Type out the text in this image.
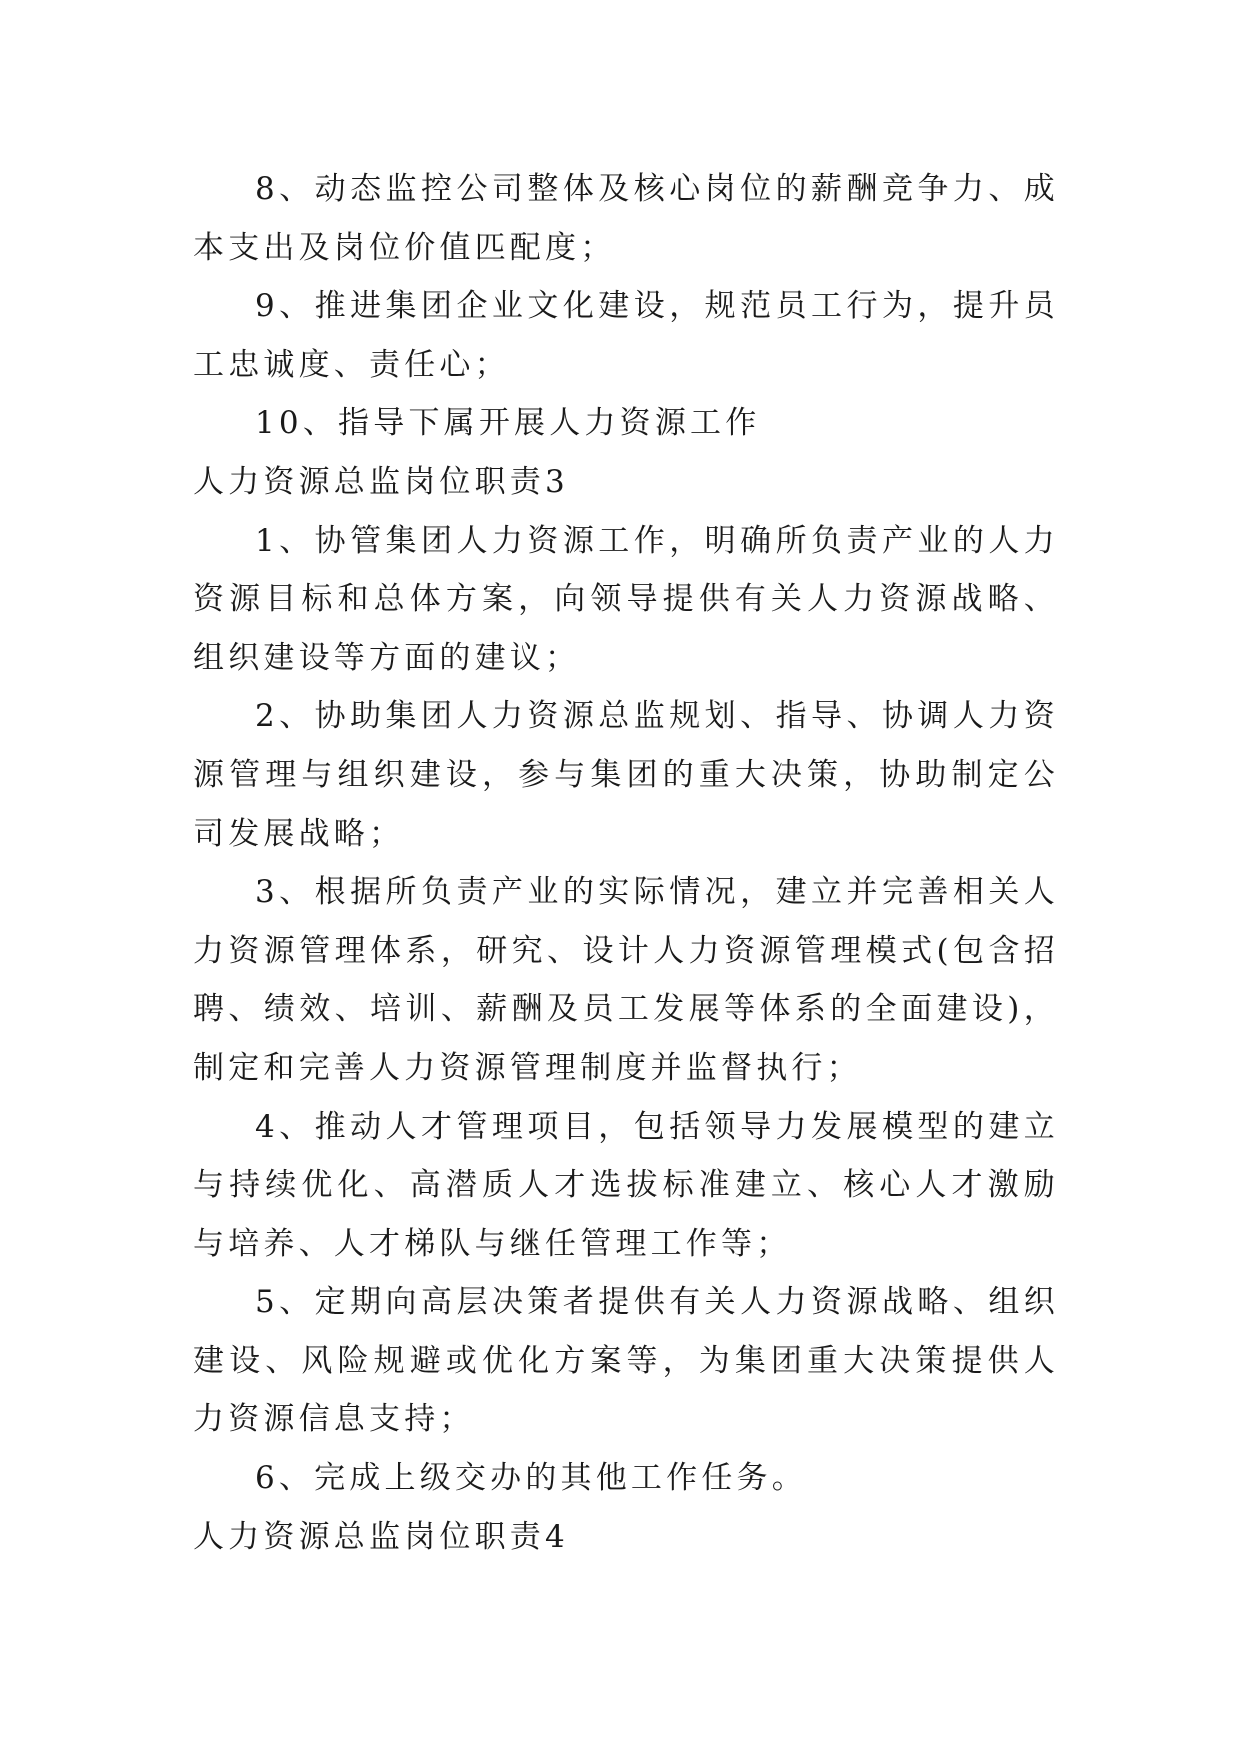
8、动态监控公司整体及核心岗位的薪酬竞争力、成本支出及岗位价值匹配度；

9、推进集团企业文化建设，规范员工行为，提升员工忠诚度、责任心；

10、指导下属开展人力资源工作

人力资源总监岗位职责3

1、协管集团人力资源工作，明确所负责产业的人力资源目标和总体方案，向领导提供有关人力资源战略、组织建设等方面的建议；

2、协助集团人力资源总监规划、指导、协调人力资源管理与组织建设，参与集团的重大决策，协助制定公司发展战略；

3、根据所负责产业的实际情况，建立并完善相关人力资源管理体系，研究、设计人力资源管理模式(包含招聘、绩效、培训、薪酬及员工发展等体系的全面建设)，制定和完善人力资源管理制度并监督执行；

4、推动人才管理项目，包括领导力发展模型的建立与持续优化、高潜质人才选拔标准建立、核心人才激励与培养、人才梯队与继任管理工作等；

5、定期向高层决策者提供有关人力资源战略、组织建设、风险规避或优化方案等，为集团重大决策提供人力资源信息支持；

6、完成上级交办的其他工作任务。

人力资源总监岗位职责4
